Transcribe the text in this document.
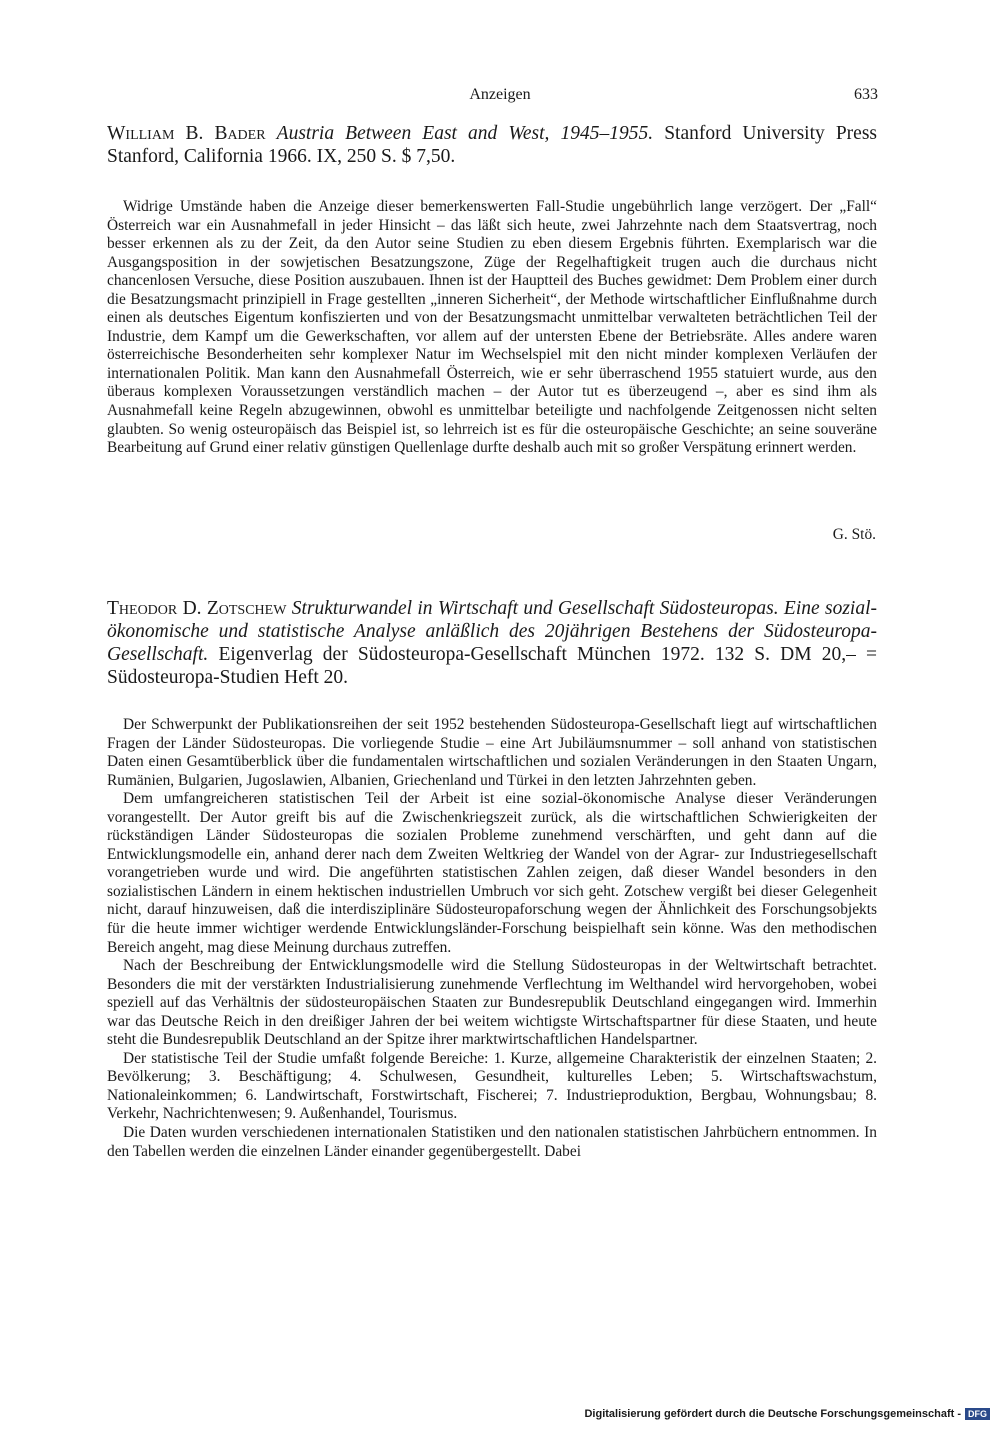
Anzeigen	633
William B. Bader Austria Between East and West, 1945–1955. Stanford University Press Stanford, California 1966. IX, 250 S. $ 7,50.

Widrige Umstände haben die Anzeige dieser bemerkenswerten Fall-Studie ungebührlich lange verzögert. Der „Fall“ Österreich war ein Ausnahmefall in jeder Hinsicht – das läßt sich heute, zwei Jahrzehnte nach dem Staatsvertrag, noch besser erkennen als zu der Zeit, da den Autor seine Studien zu eben diesem Ergebnis führten. Exemplarisch war die Ausgangsposition in der sowjetischen Besatzungszone, Züge der Regelhaftigkeit trugen auch die durchaus nicht chancenlosen Versuche, diese Position auszubauen. Ihnen ist der Hauptteil des Buches gewidmet: Dem Problem einer durch die Besatzungsmacht prinzipiell in Frage gestellten „inneren Sicherheit“, der Methode wirtschaftlicher Einflußnahme durch einen als deutsches Eigentum konfiszierten und von der Besatzungsmacht unmittelbar verwalteten beträchtlichen Teil der Industrie, dem Kampf um die Gewerkschaften, vor allem auf der untersten Ebene der Betriebsräte. Alles andere waren österreichische Besonderheiten sehr komplexer Natur im Wechselspiel mit den nicht minder komplexen Verläufen der internationalen Politik. Man kann den Ausnahmefall Österreich, wie er sehr überraschend 1955 statuiert wurde, aus den überaus komplexen Voraussetzungen verständlich machen – der Autor tut es überzeugend –, aber es sind ihm als Ausnahmefall keine Regeln abzugewinnen, obwohl es unmittelbar beteiligte und nachfolgende Zeitgenossen nicht selten glaubten. So wenig osteuropäisch das Beispiel ist, so lehrreich ist es für die osteuropäische Geschichte; an seine souveräne Bearbeitung auf Grund einer relativ günstigen Quellenlage durfte deshalb auch mit so großer Verspätung erinnert werden.

G. Stö.
Theodor D. Zotschew Strukturwandel in Wirtschaft und Gesellschaft Südosteuropas. Eine sozial-ökonomische und statistische Analyse anläßlich des 20jährigen Bestehens der Südosteuropa-Gesellschaft. Eigenverlag der Südosteuropa-Gesellschaft München 1972. 132 S. DM 20,– = Südosteuropa-Studien Heft 20.

Der Schwerpunkt der Publikationsreihen der seit 1952 bestehenden Südosteuropa-Gesellschaft liegt auf wirtschaftlichen Fragen der Länder Südosteuropas. Die vorliegende Studie – eine Art Jubiläumsnummer – soll anhand von statistischen Daten einen Gesamtüberblick über die fundamentalen wirtschaftlichen und sozialen Veränderungen in den Staaten Ungarn, Rumänien, Bulgarien, Jugoslawien, Albanien, Griechenland und Türkei in den letzten Jahrzehnten geben.

Dem umfangreicheren statistischen Teil der Arbeit ist eine sozial-ökonomische Analyse dieser Veränderungen vorangestellt. Der Autor greift bis auf die Zwischenkriegszeit zurück, als die wirtschaftlichen Schwierigkeiten der rückständigen Länder Südosteuropas die sozialen Probleme zunehmend verschärften, und geht dann auf die Entwicklungsmodelle ein, anhand derer nach dem Zweiten Weltkrieg der Wandel von der Agrar- zur Industriegesellschaft vorangetrieben wurde und wird. Die angeführten statistischen Zahlen zeigen, daß dieser Wandel besonders in den sozialistischen Ländern in einem hektischen industriellen Umbruch vor sich geht. Zotschew vergißt bei dieser Gelegenheit nicht, darauf hinzuweisen, daß die interdisziplinäre Südosteuropaforschung wegen der Ähnlichkeit des Forschungsobjekts für die heute immer wichtiger werdende Entwicklungsländer-Forschung beispielhaft sein könne. Was den methodischen Bereich angeht, mag diese Meinung durchaus zutreffen.

Nach der Beschreibung der Entwicklungsmodelle wird die Stellung Südosteuropas in der Weltwirtschaft betrachtet. Besonders die mit der verstärkten Industrialisierung zunehmende Verflechtung im Welthandel wird hervorgehoben, wobei speziell auf das Verhältnis der südosteuropäischen Staaten zur Bundesrepublik Deutschland eingegangen wird. Immerhin war das Deutsche Reich in den dreißiger Jahren der bei weitem wichtigste Wirtschaftspartner für diese Staaten, und heute steht die Bundesrepublik Deutschland an der Spitze ihrer marktwirtschaftlichen Handelspartner.

Der statistische Teil der Studie umfaßt folgende Bereiche: 1. Kurze, allgemeine Charakteristik der einzelnen Staaten; 2. Bevölkerung; 3. Beschäftigung; 4. Schulwesen, Gesundheit, kulturelles Leben; 5. Wirtschaftswachstum, Nationaleinkommen; 6. Landwirtschaft, Forstwirtschaft, Fischerei; 7. Industrieproduktion, Bergbau, Wohnungsbau; 8. Verkehr, Nachrichtenwesen; 9. Außenhandel, Tourismus.

Die Daten wurden verschiedenen internationalen Statistiken und den nationalen statistischen Jahrbüchern entnommen. In den Tabellen werden die einzelnen Länder einander gegenübergestellt. Dabei

Digitalisierung gefördert durch die Deutsche Forschungsgemeinschaft - DFG
